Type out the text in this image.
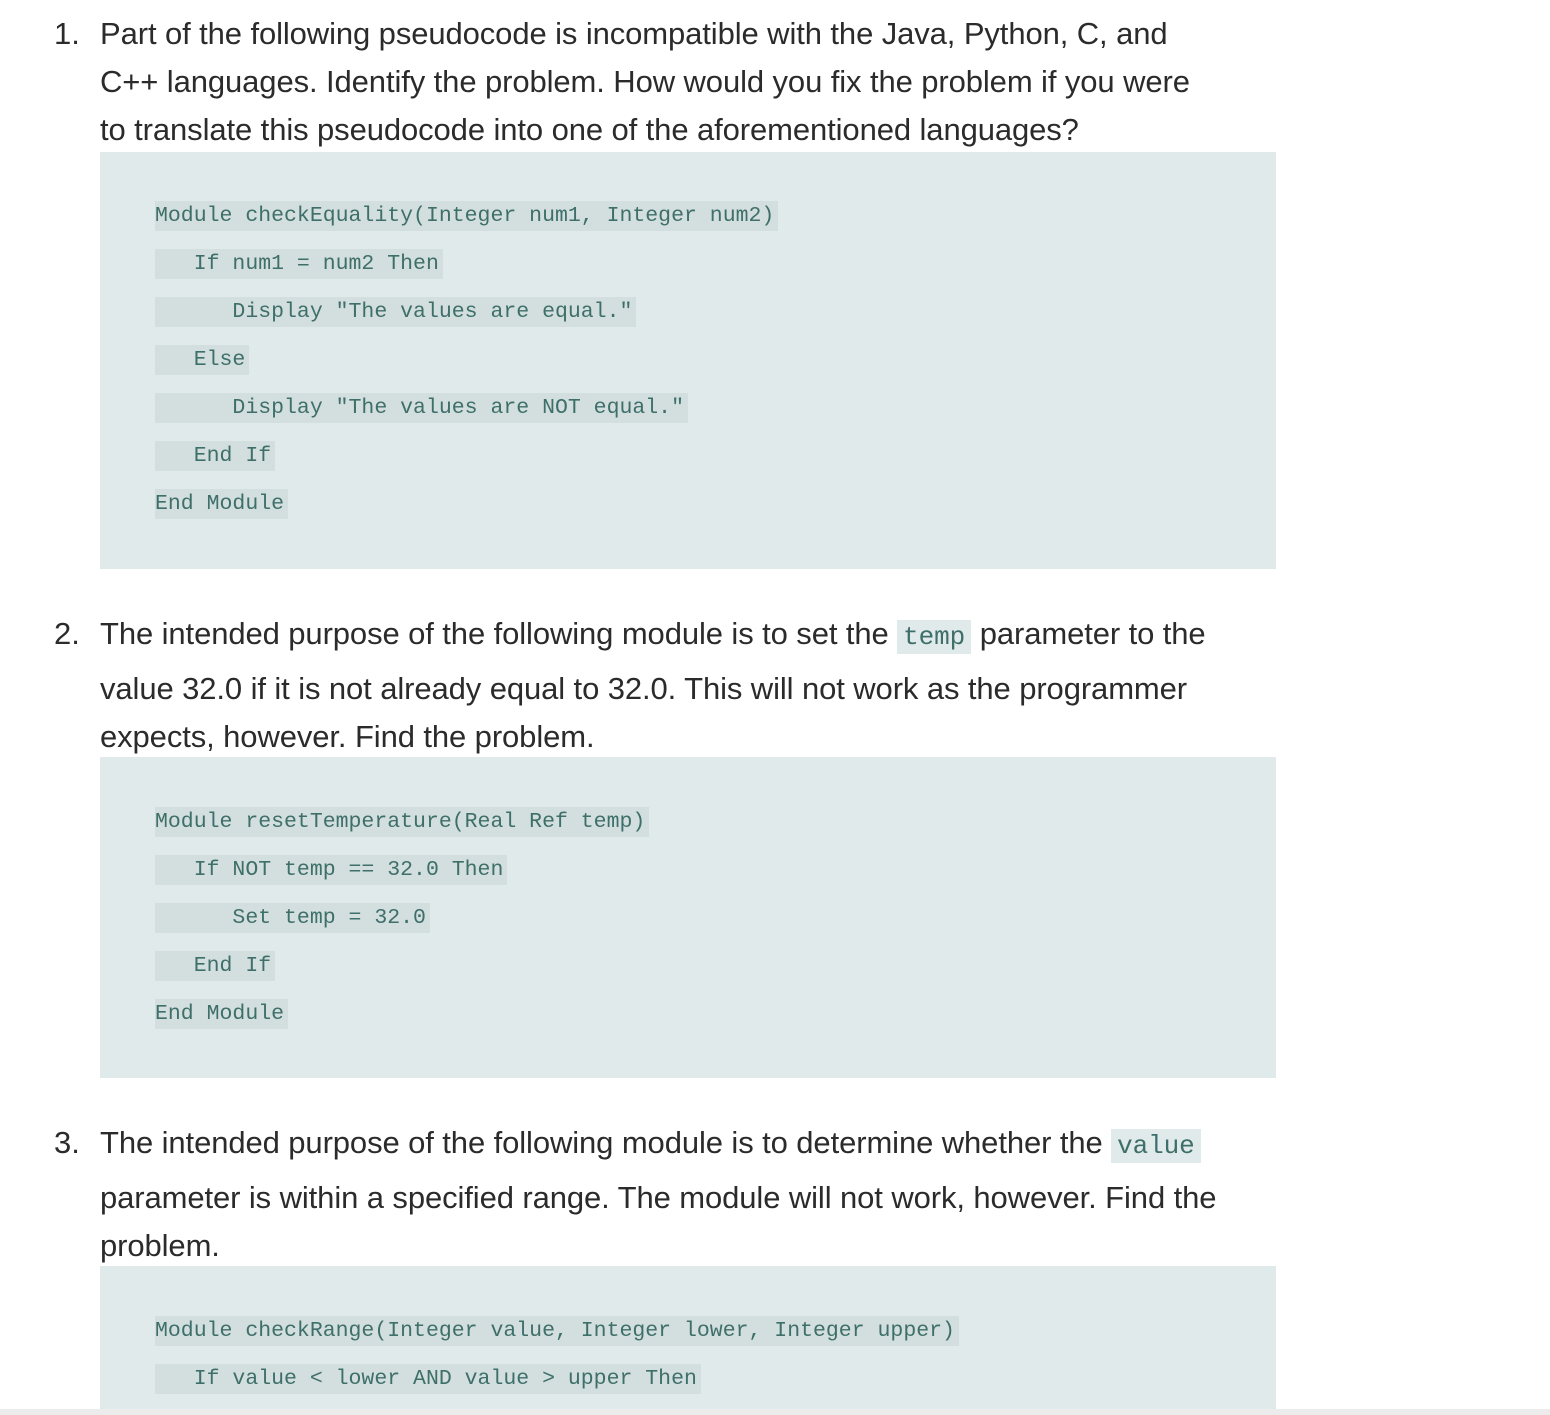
1. Part of the following pseudocode is incompatible with the Java, Python, C, and
C++ languages. Identify the problem. How would you fix the problem if you were
to translate this pseudocode into one of the aforementioned languages?
Module checkEquality(Integer num1, Integer num2)
If num1 = num2 Then
Display "The values are equal."
Else
Display "The values are NOT equal."
End If
End Module
2. The intended purpose of the following module is to set the temp parameter to the
value 32.0 if it is not already equal to 32.0. This will not work as the programmer
expects, however. Find the problem.
Module resetTemperature(Real Ref temp)
If NOT temp == 32.0 Then
Set temp = 32.0
End If
End Module
3. The intended purpose of the following module is to determine whether the value
parameter is within a specified range. The module will not work, however. Find the
problem.
Module checkRange(Integer value, Integer lower, Integer upper)
If value < lower AND value > upper Then
